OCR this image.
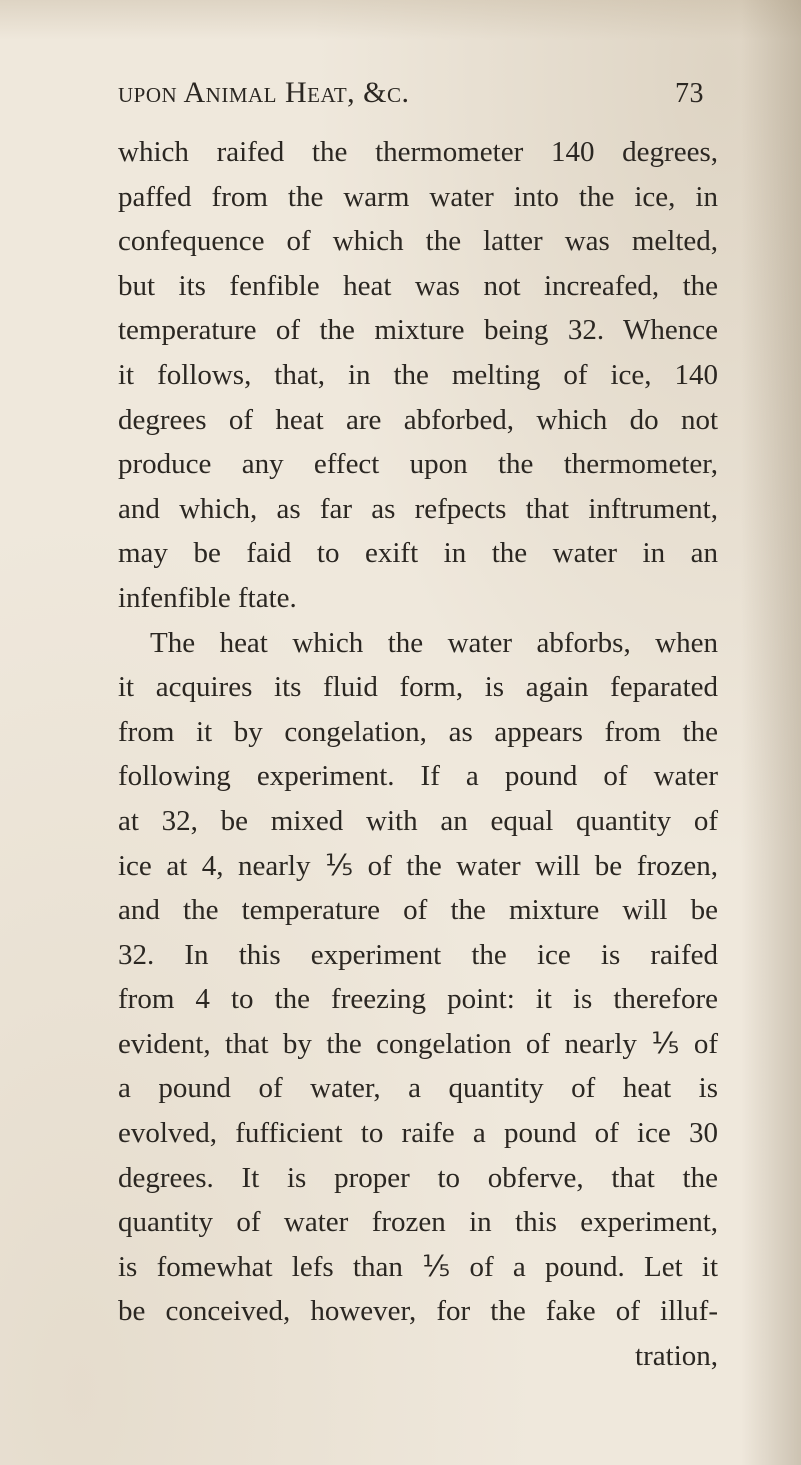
upon Animal Heat, &c.	73
which raifed the thermometer 140 degrees,
paffed from the warm water into the ice, in
confequence of which the latter was melted,
but its fenfible heat was not increafed, the
temperature of the mixture being 32. Whence
it follows, that, in the melting of ice, 140
degrees of heat are abforbed, which do not
produce any effect upon the thermometer,
and which, as far as refpects that inftrument,
may be faid to exift in the water in an
infenfible ftate.
The heat which the water abforbs, when
it acquires its fluid form, is again feparated
from it by congelation, as appears from the
following experiment. If a pound of water
at 32, be mixed with an equal quantity of
ice at 4, nearly ⅕ of the water will be frozen,
and the temperature of the mixture will be
32. In this experiment the ice is raifed
from 4 to the freezing point: it is therefore
evident, that by the congelation of nearly ⅕ of
a pound of water, a quantity of heat is
evolved, fufficient to raife a pound of ice 30
degrees. It is proper to obferve, that the
quantity of water frozen in this experiment,
is fomewhat lefs than ⅕ of a pound. Let it
be conceived, however, for the fake of illuf-
tration,
